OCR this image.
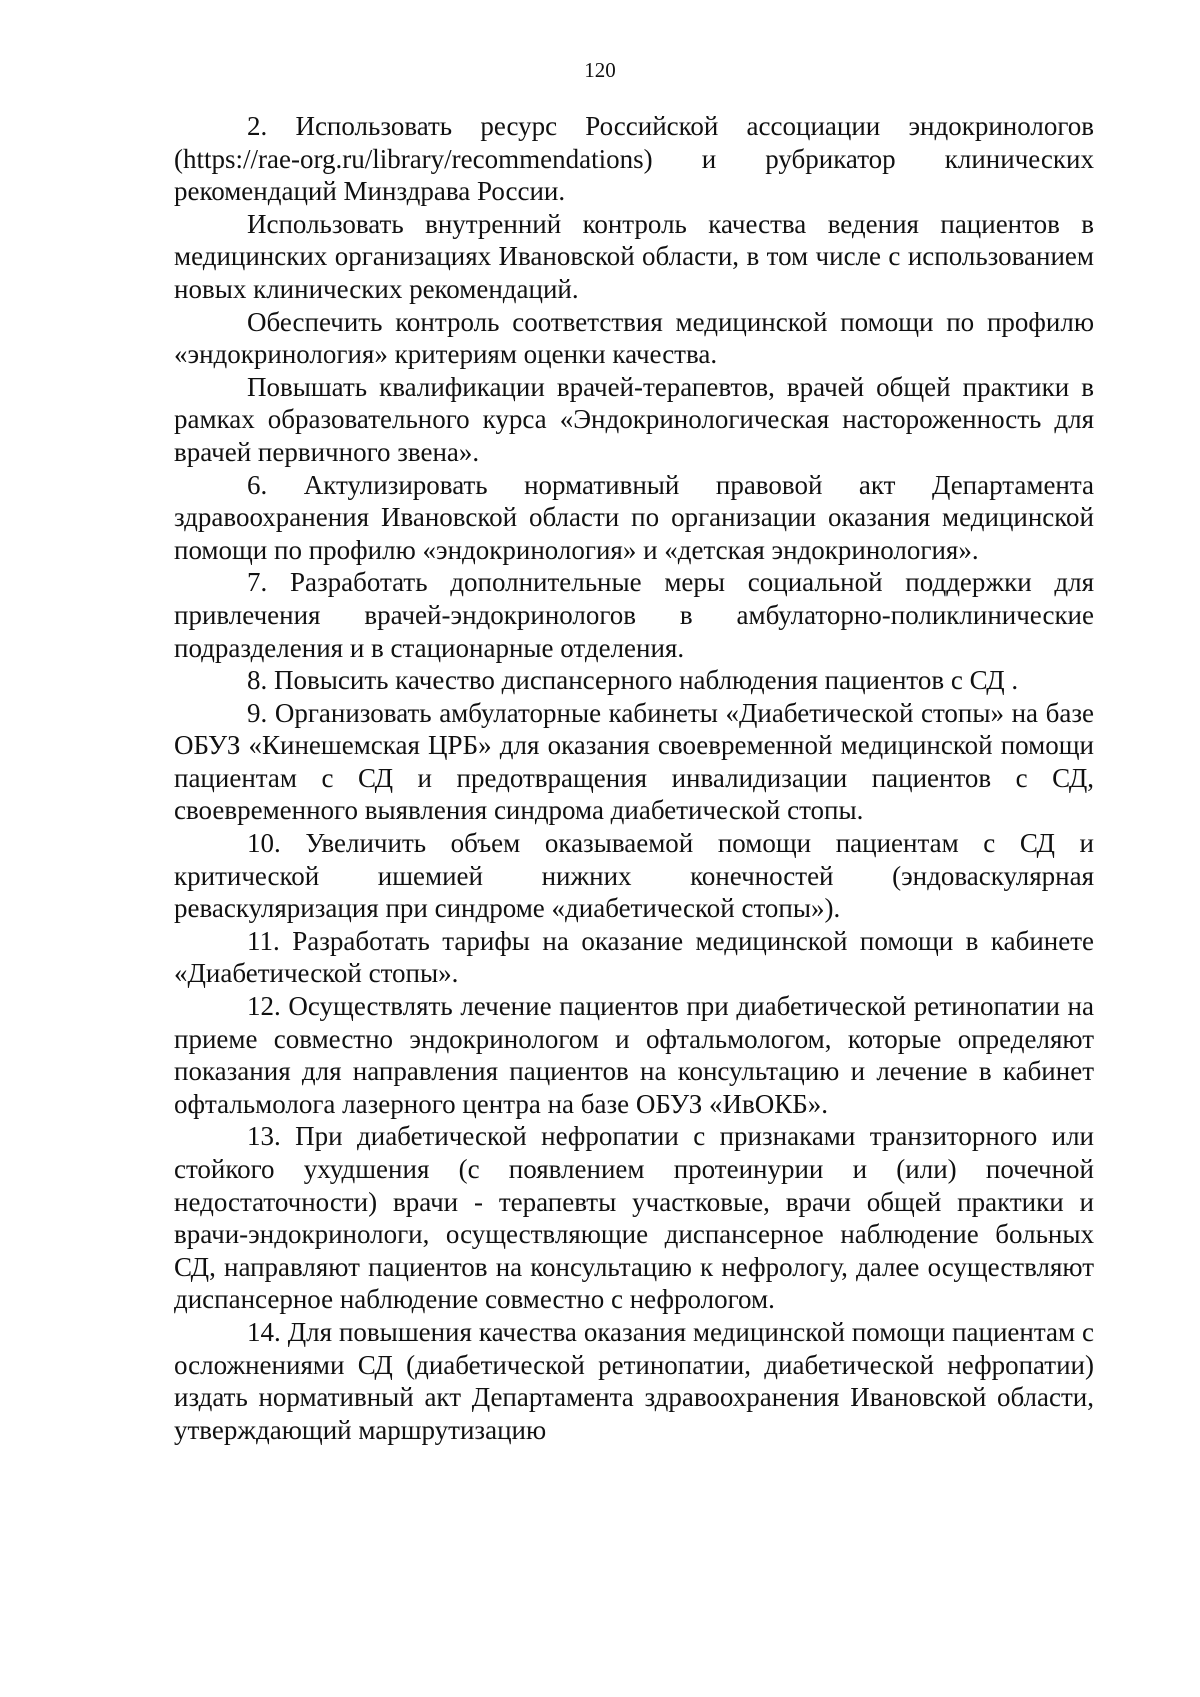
120

2. Использовать ресурс Российской ассоциации эндокринологов (https://rae-org.ru/library/recommendations) и рубрикатор клинических рекомендаций Минздрава России.

Использовать внутренний контроль качества ведения пациентов в медицинских организациях Ивановской области, в том числе с использованием новых клинических рекомендаций.

Обеспечить контроль соответствия медицинской помощи по профилю «эндокринология» критериям оценки качества.

Повышать квалификации врачей-терапевтов, врачей общей практики в рамках образовательного курса «Эндокринологическая настороженность для врачей первичного звена».

6. Актулизировать нормативный правовой акт Департамента здравоохранения Ивановской области по организации оказания медицинской помощи по профилю «эндокринология» и «детская эндокринология».

7. Разработать дополнительные меры социальной поддержки для привлечения врачей-эндокринологов в амбулаторно-поликлинические подразделения и в стационарные отделения.

8. Повысить качество диспансерного наблюдения пациентов с СД .

9. Организовать амбулаторные кабинеты «Диабетической стопы» на базе ОБУЗ «Кинешемская ЦРБ» для оказания своевременной медицинской помощи пациентам с СД и предотвращения инвалидизации пациентов с СД, своевременного выявления синдрома диабетической стопы.

10. Увеличить объем оказываемой помощи пациентам с СД и критической ишемией нижних конечностей (эндоваскулярная реваскуляризация при синдроме «диабетической стопы»).

11. Разработать тарифы на оказание медицинской помощи в кабинете «Диабетической стопы».

12. Осуществлять лечение пациентов при диабетической ретинопатии на приеме совместно эндокринологом и офтальмологом, которые определяют показания для направления пациентов на консультацию и лечение в кабинет офтальмолога лазерного центра на базе ОБУЗ «ИвОКБ».

13. При диабетической нефропатии с признаками транзиторного или стойкого ухудшения (с появлением протеинурии и (или) почечной недостаточности) врачи - терапевты участковые, врачи общей практики и врачи-эндокринологи, осуществляющие диспансерное наблюдение больных СД, направляют пациентов на консультацию к нефрологу, далее осуществляют диспансерное наблюдение совместно с нефрологом.

14. Для повышения качества оказания медицинской помощи пациентам с осложнениями СД (диабетической ретинопатии, диабетической нефропатии) издать нормативный акт Департамента здравоохранения Ивановской области, утверждающий маршрутизацию
